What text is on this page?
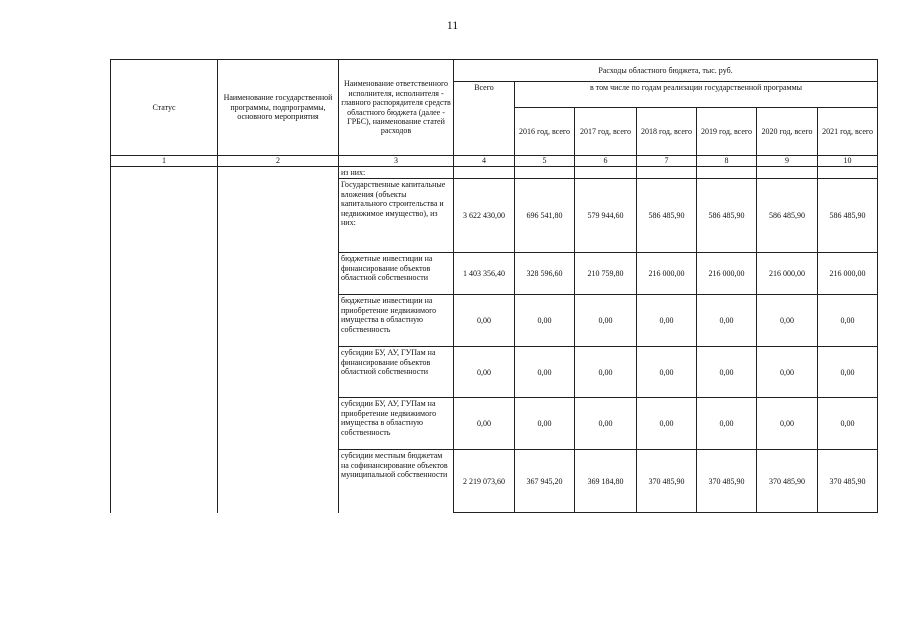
11
Статус	Наименование государственной программы, подпрограммы, основного мероприятия	Наименование ответственного исполнителя, исполнителя - главного распорядителя средств областного бюджета (далее - ГРБС), наименование статей расходов	Расходы областного бюджета, тыс. руб.						
			Всего	в том числе по годам реализации государственной программы					
				2016 год, всего	2017 год, всего	2018 год, всего	2019 год, всего	2020 год, всего	2021 год, всего
1	2	3	4	5	6	7	8	9	10
		из них:							
		Государственные капитальные вложения (объекты капитального строительства и недвижимое имущество), из них:	3 622 430,00	696 541,80	579 944,60	586 485,90	586 485,90	586 485,90	586 485,90
		бюджетные инвестиции на финансирование объектов областной собственности	1 403 356,40	328 596,60	210 759,80	216 000,00	216 000,00	216 000,00	216 000,00
		бюджетные инвестиции на приобретение недвижимого имущества в областную собственность	0,00	0,00	0,00	0,00	0,00	0,00	0,00
		субсидии БУ, АУ, ГУПам на финансирование объектов областной собственности	0,00	0,00	0,00	0,00	0,00	0,00	0,00
		субсидии БУ, АУ, ГУПам на приобретение недвижимого имущества в областную собственность	0,00	0,00	0,00	0,00	0,00	0,00	0,00
		субсидии местным бюджетам на софинансирование объектов муниципальной собственности	2 219 073,60	367 945,20	369 184,80	370 485,90	370 485,90	370 485,90	370 485,90
